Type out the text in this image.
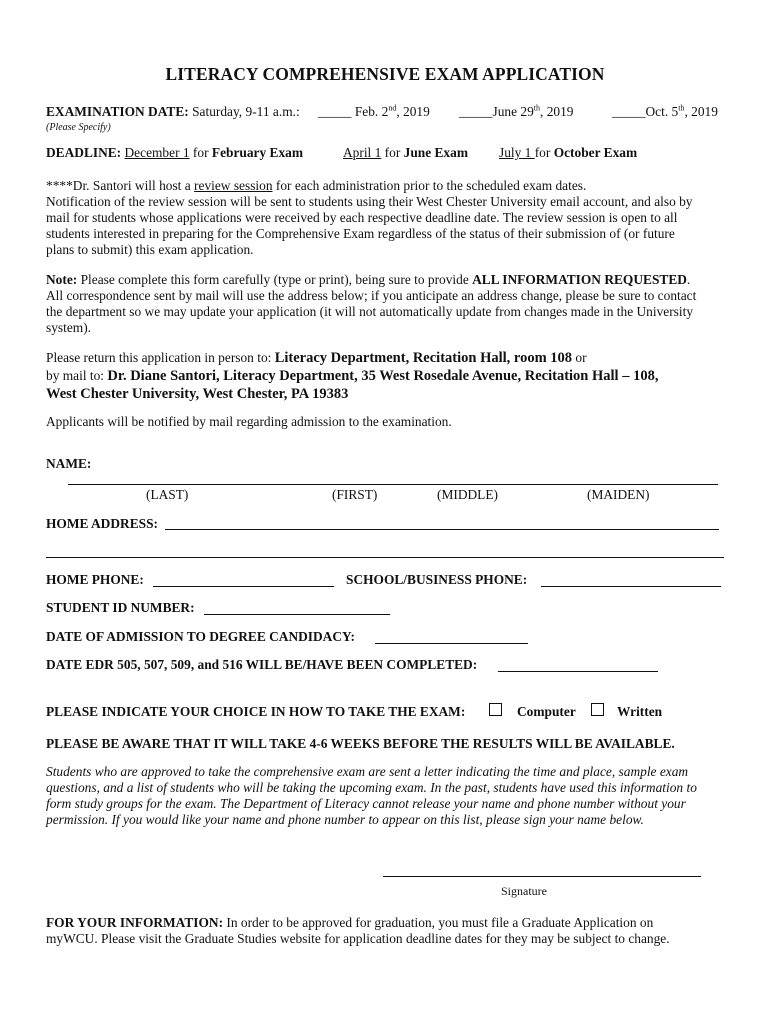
LITERACY COMPREHENSIVE EXAM APPLICATION
EXAMINATION DATE: Saturday, 9-11 a.m.: _____ Feb. 2nd, 2019 _____June 29th, 2019	_____Oct. 5th, 2019
(Please Specify)
DEADLINE: December 1 for February Exam	April 1 for June Exam July 1 for October Exam
****Dr. Santori will host a review session for each administration prior to the scheduled exam dates.
Notification of the review session will be sent to students using their West Chester University email account, and also by
mail for students whose applications were received by each respective deadline date. The review session is open to all
students interested in preparing for the Comprehensive Exam regardless of the status of their submission of (or future
plans to submit) this exam application.
Note: Please complete this form carefully (type or print), being sure to provide ALL INFORMATION REQUESTED.
All correspondence sent by mail will use the address below; if you anticipate an address change, please be sure to contact
the department so we may update your application (it will not automatically update from changes made in the University
system).
Please return this application in person to: Literacy Department, Recitation Hall, room 108 or
by mail to: Dr. Diane Santori, Literacy Department, 35 West Rosedale Avenue, Recitation Hall – 108,
West Chester University, West Chester, PA 19383
Applicants will be notified by mail regarding admission to the examination.
NAME:
(LAST)	(FIRST)	(MIDDLE)	(MAIDEN)
HOME ADDRESS:
HOME PHONE:	SCHOOL/BUSINESS PHONE:
STUDENT ID NUMBER:
DATE OF ADMISSION TO DEGREE CANDIDACY:
DATE EDR 505, 507, 509, and 516 WILL BE/HAVE BEEN COMPLETED:
PLEASE INDICATE YOUR CHOICE IN HOW TO TAKE THE EXAM:	Computer	Written
PLEASE BE AWARE THAT IT WILL TAKE 4-6 WEEKS BEFORE THE RESULTS WILL BE AVAILABLE.
Students who are approved to take the comprehensive exam are sent a letter indicating the time and place, sample exam
questions, and a list of students who will be taking the upcoming exam. In the past, students have used this information to
form study groups for the exam. The Department of Literacy cannot release your name and phone number without your
permission. If you would like your name and phone number to appear on this list, please sign your name below.
Signature
FOR YOUR INFORMATION: In order to be approved for graduation, you must file a Graduate Application on
myWCU. Please visit the Graduate Studies website for application deadline dates for they may be subject to change.
